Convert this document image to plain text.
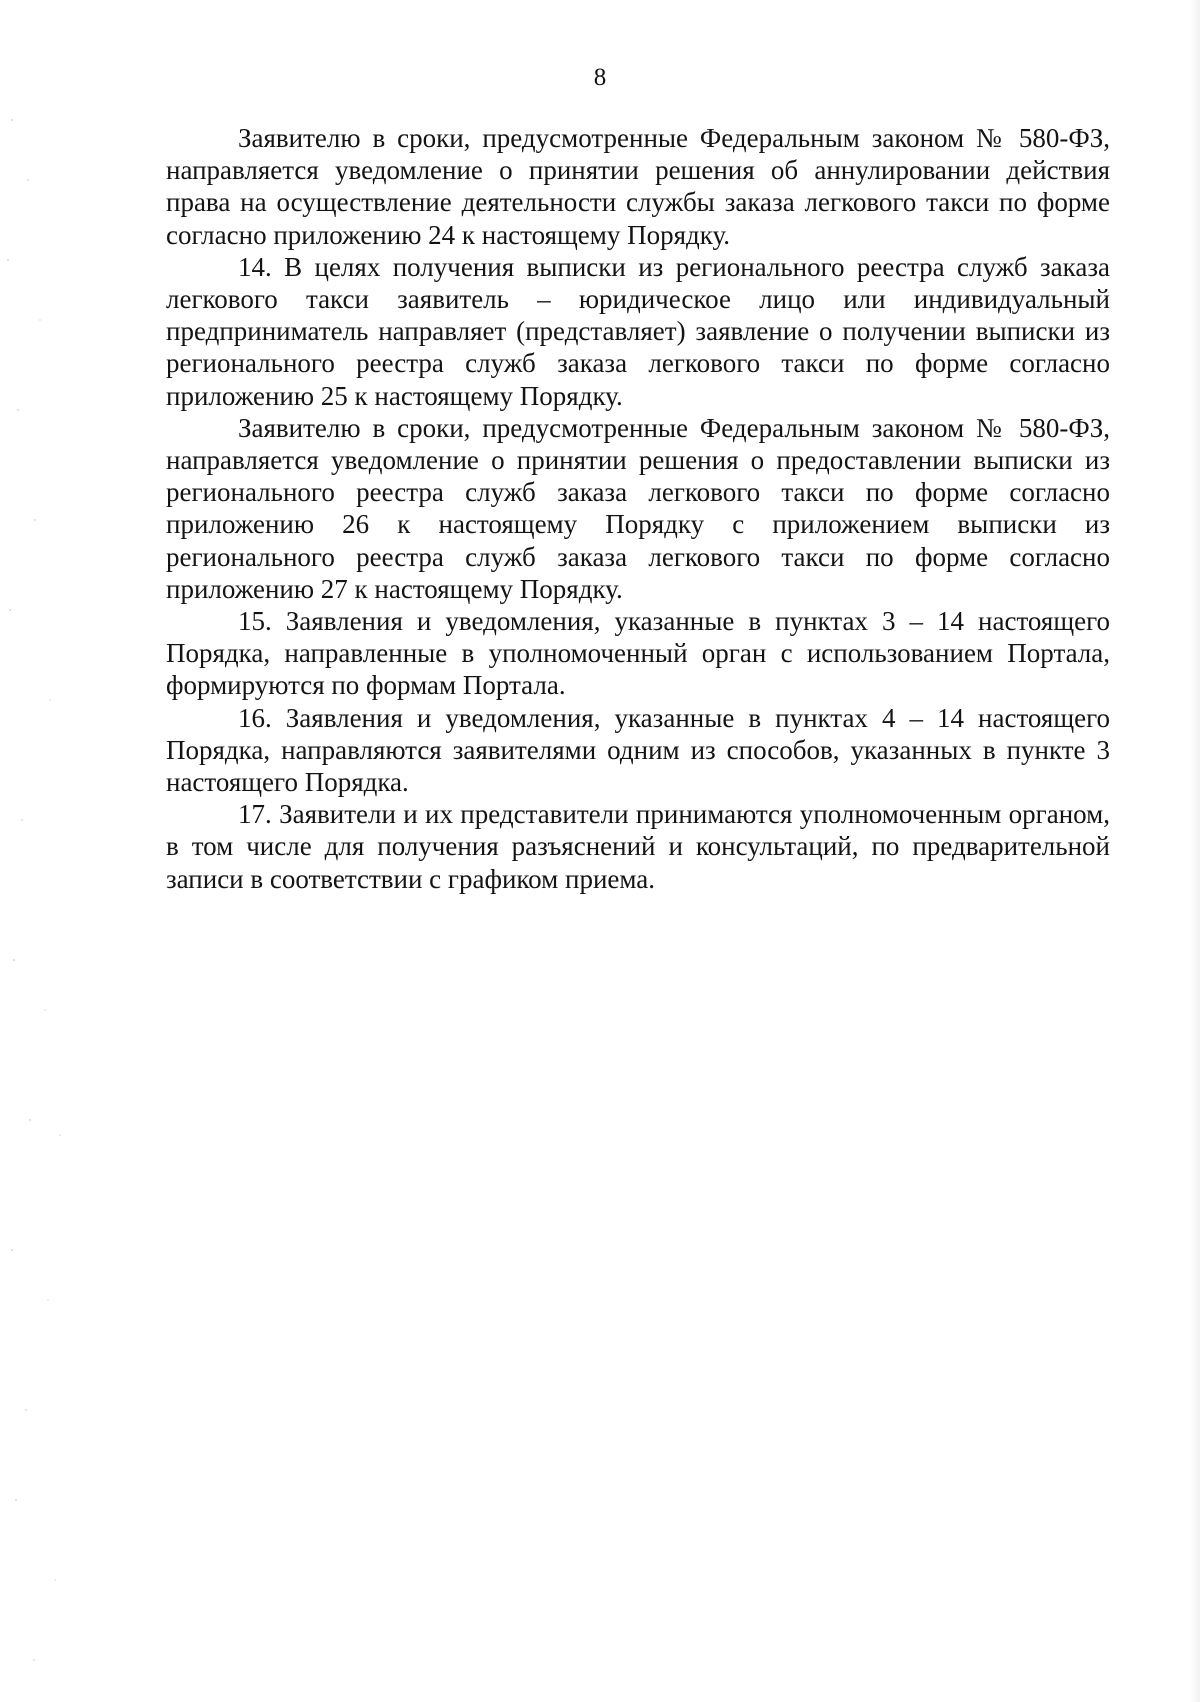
8

Заявителю в сроки, предусмотренные Федеральным законом № 580-ФЗ, направляется уведомление о принятии решения об аннулировании действия права на осуществление деятельности службы заказа легкового такси по форме согласно приложению 24 к настоящему Порядку.

14. В целях получения выписки из регионального реестра служб заказа легкового такси заявитель – юридическое лицо или индивидуальный предприниматель направляет (представляет) заявление о получении выписки из регионального реестра служб заказа легкового такси по форме согласно приложению 25 к настоящему Порядку.

Заявителю в сроки, предусмотренные Федеральным законом № 580-ФЗ, направляется уведомление о принятии решения о предоставлении выписки из регионального реестра служб заказа легкового такси по форме согласно приложению 26 к настоящему Порядку с приложением выписки из регионального реестра служб заказа легкового такси по форме согласно приложению 27 к настоящему Порядку.

15. Заявления и уведомления, указанные в пунктах 3 – 14 настоящего Порядка, направленные в уполномоченный орган с использованием Портала, формируются по формам Портала.

16. Заявления и уведомления, указанные в пунктах 4 – 14 настоящего Порядка, направляются заявителями одним из способов, указанных в пункте 3 настоящего Порядка.

17. Заявители и их представители принимаются уполномоченным органом, в том числе для получения разъяснений и консультаций, по предварительной записи в соответствии с графиком приема.
